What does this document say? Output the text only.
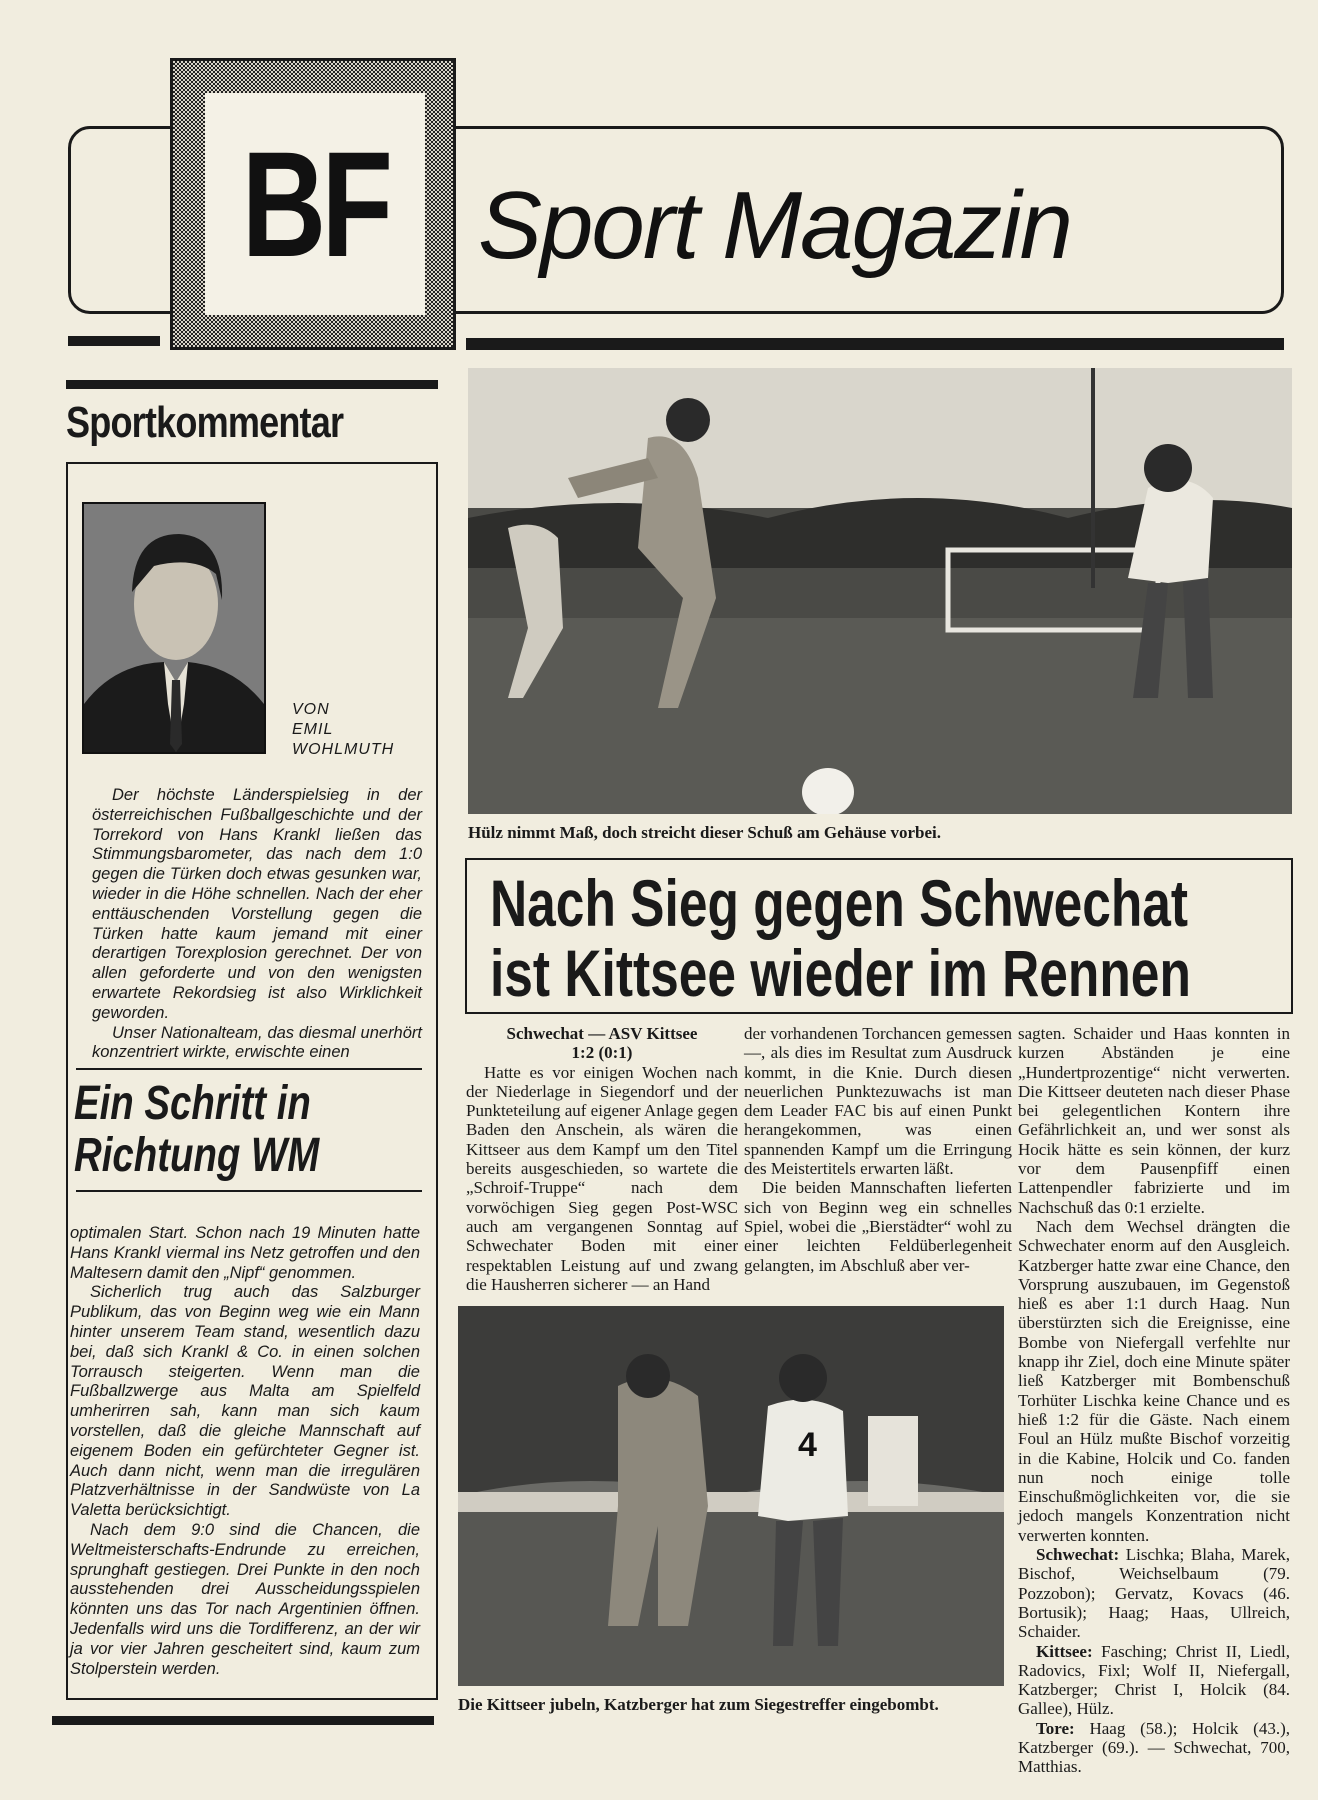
BF Sport Magazin
Sportkommentar
VON
EMIL
WOHLMUTH

Der höchste Länderspielsieg in der österreichischen Fußballgeschichte und der Torrekord von Hans Krankl ließen das Stimmungsbarometer, das nach dem 1:0 gegen die Türken doch etwas gesunken war, wieder in die Höhe schnellen. Nach der eher enttäuschenden Vorstellung gegen die Türken hatte kaum jemand mit einer derartigen Torexplosion gerechnet. Der von allen geforderte und von den wenigsten erwartete Rekordsieg ist also Wirklichkeit geworden.

Unser Nationalteam, das diesmal unerhört konzentriert wirkte, erwischte einen

Ein Schritt in
Richtung WM

optimalen Start. Schon nach 19 Minuten hatte Hans Krankl viermal ins Netz getroffen und den Maltesern damit den „Nipf“ genommen.

Sicherlich trug auch das Salzburger Publikum, das von Beginn weg wie ein Mann hinter unserem Team stand, wesentlich dazu bei, daß sich Krankl & Co. in einen solchen Torrausch steigerten. Wenn man die Fußballzwerge aus Malta am Spielfeld umherirren sah, kann man sich kaum vorstellen, daß die gleiche Mannschaft auf eigenem Boden ein gefürchteter Gegner ist. Auch dann nicht, wenn man die irregulären Platzverhältnisse in der Sandwüste von La Valetta berücksichtigt.

Nach dem 9:0 sind die Chancen, die Weltmeisterschafts-Endrunde zu erreichen, sprunghaft gestiegen. Drei Punkte in den noch ausstehenden drei Ausscheidungsspielen könnten uns das Tor nach Argentinien öffnen. Jedenfalls wird uns die Tordifferenz, an der wir ja vor vier Jahren gescheitert sind, kaum zum Stolperstein werden.

Hülz nimmt Maß, doch streicht dieser Schuß am Gehäuse vorbei.
Nach Sieg gegen Schwechat
ist Kittsee wieder im Rennen

Schwechat — ASV Kittsee

1:2 (0:1)

Hatte es vor einigen Wochen nach der Niederlage in Siegendorf und der Punkteteilung auf eigener Anlage gegen Baden den Anschein, als wären die Kittseer aus dem Kampf um den Titel bereits ausgeschieden, so wartete die „Schroif-Truppe“ nach dem vorwöchigen Sieg gegen Post-WSC auch am vergangenen Sonntag auf Schwechater Boden mit einer respektablen Leistung auf und zwang die Hausherren sicherer — an Hand

der vorhandenen Torchancen gemessen —, als dies im Resultat zum Ausdruck kommt, in die Knie. Durch diesen neuerlichen Punktezuwachs ist man dem Leader FAC bis auf einen Punkt herangekommen, was einen spannenden Kampf um die Erringung des Meistertitels erwarten läßt.

Die beiden Mannschaften lieferten sich von Beginn weg ein schnelles Spiel, wobei die „Bierstädter“ wohl zu einer leichten Feldüberlegenheit gelangten, im Abschluß aber ver-

sagten. Schaider und Haas konnten in kurzen Abständen je eine „Hundertprozentige“ nicht verwerten. Die Kittseer deuteten nach dieser Phase bei gelegentlichen Kontern ihre Gefährlichkeit an, und wer sonst als Hocik hätte es sein können, der kurz vor dem Pausenpfiff einen Lattenpendler fabrizierte und im Nachschuß das 0:1 erzielte.

Nach dem Wechsel drängten die Schwechater enorm auf den Ausgleich. Katzberger hatte zwar eine Chance, den Vorsprung auszubauen, im Gegenstoß hieß es aber 1:1 durch Haag. Nun überstürzten sich die Ereignisse, eine Bombe von Niefergall verfehlte nur knapp ihr Ziel, doch eine Minute später ließ Katzberger mit Bombenschuß Torhüter Lischka keine Chance und es hieß 1:2 für die Gäste. Nach einem Foul an Hülz mußte Bischof vorzeitig in die Kabine, Holcik und Co. fanden nun noch einige tolle Einschußmöglichkeiten vor, die sie jedoch mangels Konzentration nicht verwerten konnten.

Schwechat: Lischka; Blaha, Marek, Bischof, Weichselbaum (79. Pozzobon); Gervatz, Kovacs (46. Bortusik); Haag; Haas, Ullreich, Schaider.

Kittsee: Fasching; Christ II, Liedl, Radovics, Fixl; Wolf II, Niefergall, Katzberger; Christ I, Holcik (84. Gallee), Hülz.

Tore: Haag (58.); Holcik (43.), Katzberger (69.). — Schwechat, 700, Matthias.

4
Die Kittseer jubeln, Katzberger hat zum Siegestreffer eingebombt.
